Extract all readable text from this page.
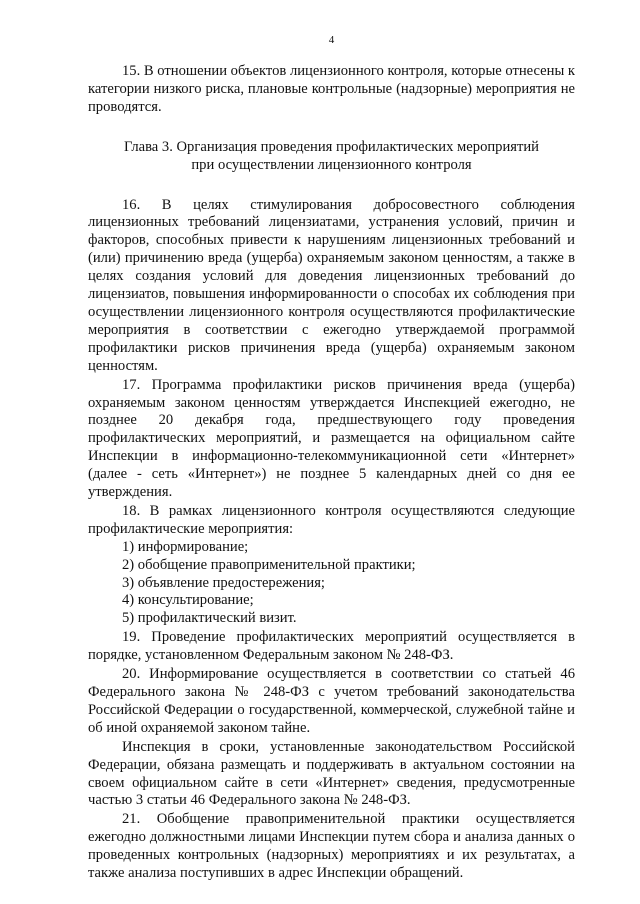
4

15. В отношении объектов лицензионного контроля, которые отнесены к категории низкого риска, плановые контрольные (надзорные) мероприятия не проводятся.

Глава 3. Организация проведения профилактических мероприятий
при осуществлении лицензионного контроля

16. В целях стимулирования добросовестного соблюдения лицензионных требований лицензиатами, устранения условий, причин и факторов, способных привести к нарушениям лицензионных требований и (или) причинению вреда (ущерба) охраняемым законом ценностям, а также в целях создания условий для доведения лицензионных требований до лицензиатов, повышения информированности о способах их соблюдения при осуществлении лицензионного контроля осуществляются профилактические мероприятия в соответствии с ежегодно утверждаемой программой профилактики рисков причинения вреда (ущерба) охраняемым законом ценностям.

17. Программа профилактики рисков причинения вреда (ущерба) охраняемым законом ценностям утверждается Инспекцией ежегодно, не позднее 20 декабря года, предшествующего году проведения профилактических мероприятий, и размещается на официальном сайте Инспекции в информационно-телекоммуникационной сети «Интернет» (далее - сеть «Интернет») не позднее 5 календарных дней со дня ее утверждения.

18. В рамках лицензионного контроля осуществляются следующие профилактические мероприятия:

1) информирование;

2) обобщение правоприменительной практики;

3) объявление предостережения;

4) консультирование;

5) профилактический визит.

19. Проведение профилактических мероприятий осуществляется в порядке, установленном Федеральным законом № 248-ФЗ.

20. Информирование осуществляется в соответствии со статьей 46 Федерального закона № 248-ФЗ с учетом требований законодательства Российской Федерации о государственной, коммерческой, служебной тайне и об иной охраняемой законом тайне.

Инспекция в сроки, установленные законодательством Российской Федерации, обязана размещать и поддерживать в актуальном состоянии на своем официальном сайте в сети «Интернет» сведения, предусмотренные частью 3 статьи 46 Федерального закона № 248-ФЗ.

21. Обобщение правоприменительной практики осуществляется ежегодно должностными лицами Инспекции путем сбора и анализа данных о проведенных контрольных (надзорных) мероприятиях и их результатах, а также анализа поступивших в адрес Инспекции обращений.
